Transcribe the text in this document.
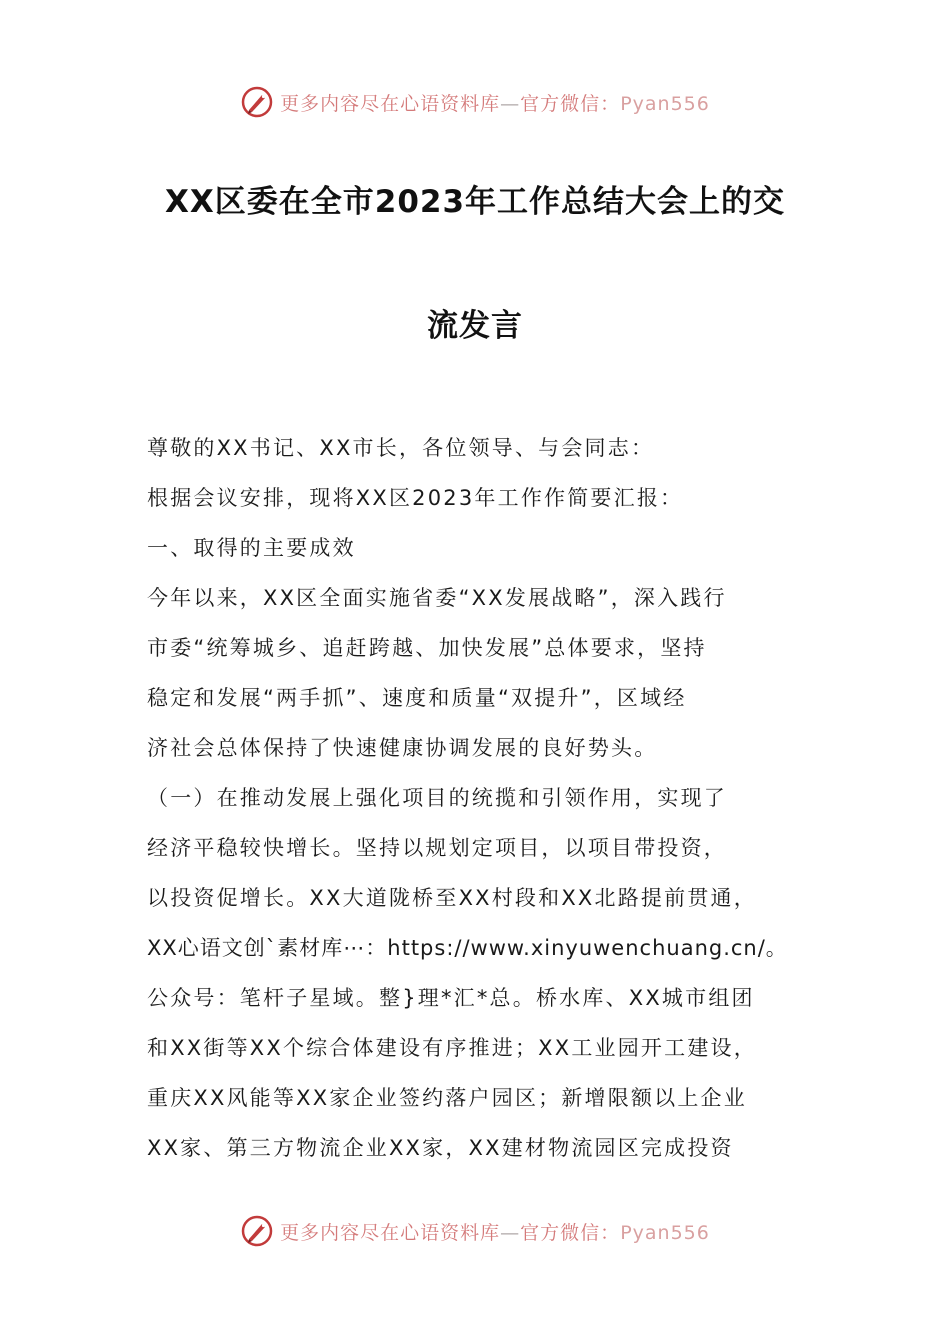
更多内容尽在心语资料库—官方微信：Pyan556
XX区委在全市2023年工作总结大会上的交
流发言
尊敬的XX书记、XX市长，各位领导、与会同志：
根据会议安排，现将XX区2023年工作作简要汇报：
一、取得的主要成效
今年以来，XX区全面实施省委“XX发展战略”，深入践行
市委“统筹城乡、追赶跨越、加快发展”总体要求，坚持
稳定和发展“两手抓”、速度和质量“双提升”，区域经
济社会总体保持了快速健康协调发展的良好势头。
（一）在推动发展上强化项目的统揽和引领作用，实现了
经济平稳较快增长。坚持以规划定项目，以项目带投资，
以投资促增长。XX大道陇桥至XX村段和XX北路提前贯通，
XX心语文创`素材库⋯：https://www.xinyuwenchuang.cn/。
公众号：笔杆子星域。整}理*汇*总。桥水库、XX城市组团
和XX街等XX个综合体建设有序推进；XX工业园开工建设，
重庆XX风能等XX家企业签约落户园区；新增限额以上企业
XX家、第三方物流企业XX家，XX建材物流园区完成投资
更多内容尽在心语资料库—官方微信：Pyan556
